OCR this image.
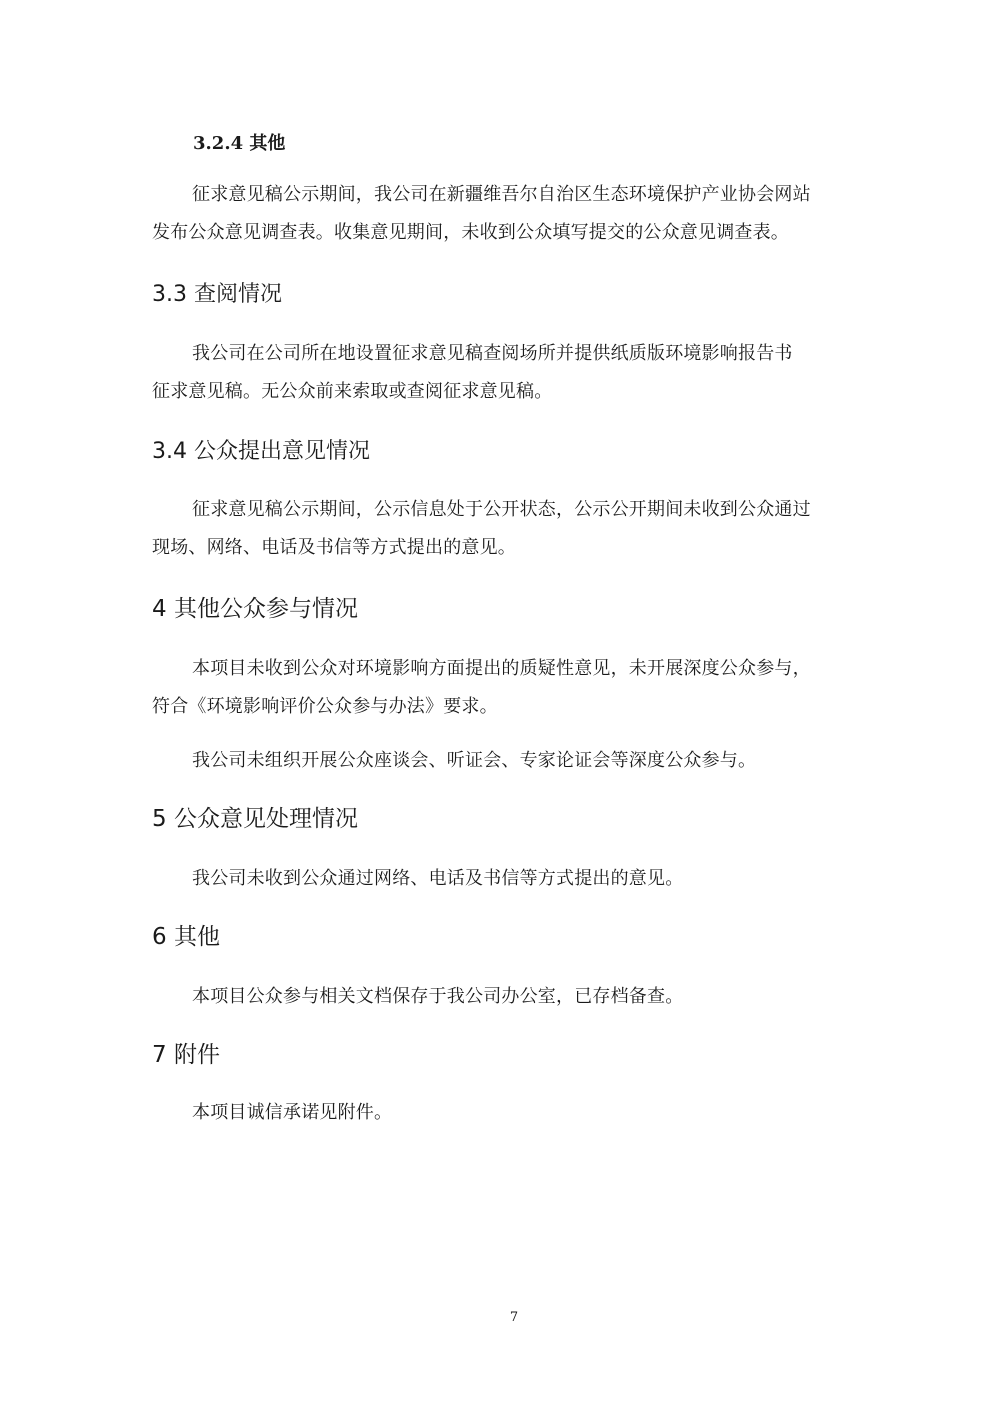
3.2.4 其他
征求意见稿公示期间，我公司在新疆维吾尔自治区生态环境保护产业协会网站
发布公众意见调查表。收集意见期间，未收到公众填写提交的公众意见调查表。
3.3 查阅情况
我公司在公司所在地设置征求意见稿查阅场所并提供纸质版环境影响报告书
征求意见稿。无公众前来索取或查阅征求意见稿。
3.4 公众提出意见情况
征求意见稿公示期间，公示信息处于公开状态，公示公开期间未收到公众通过
现场、网络、电话及书信等方式提出的意见。
4 其他公众参与情况
本项目未收到公众对环境影响方面提出的质疑性意见，未开展深度公众参与，
符合《环境影响评价公众参与办法》要求。
我公司未组织开展公众座谈会、听证会、专家论证会等深度公众参与。
5 公众意见处理情况
我公司未收到公众通过网络、电话及书信等方式提出的意见。
6 其他
本项目公众参与相关文档保存于我公司办公室，已存档备查。
7 附件
本项目诚信承诺见附件。
7
